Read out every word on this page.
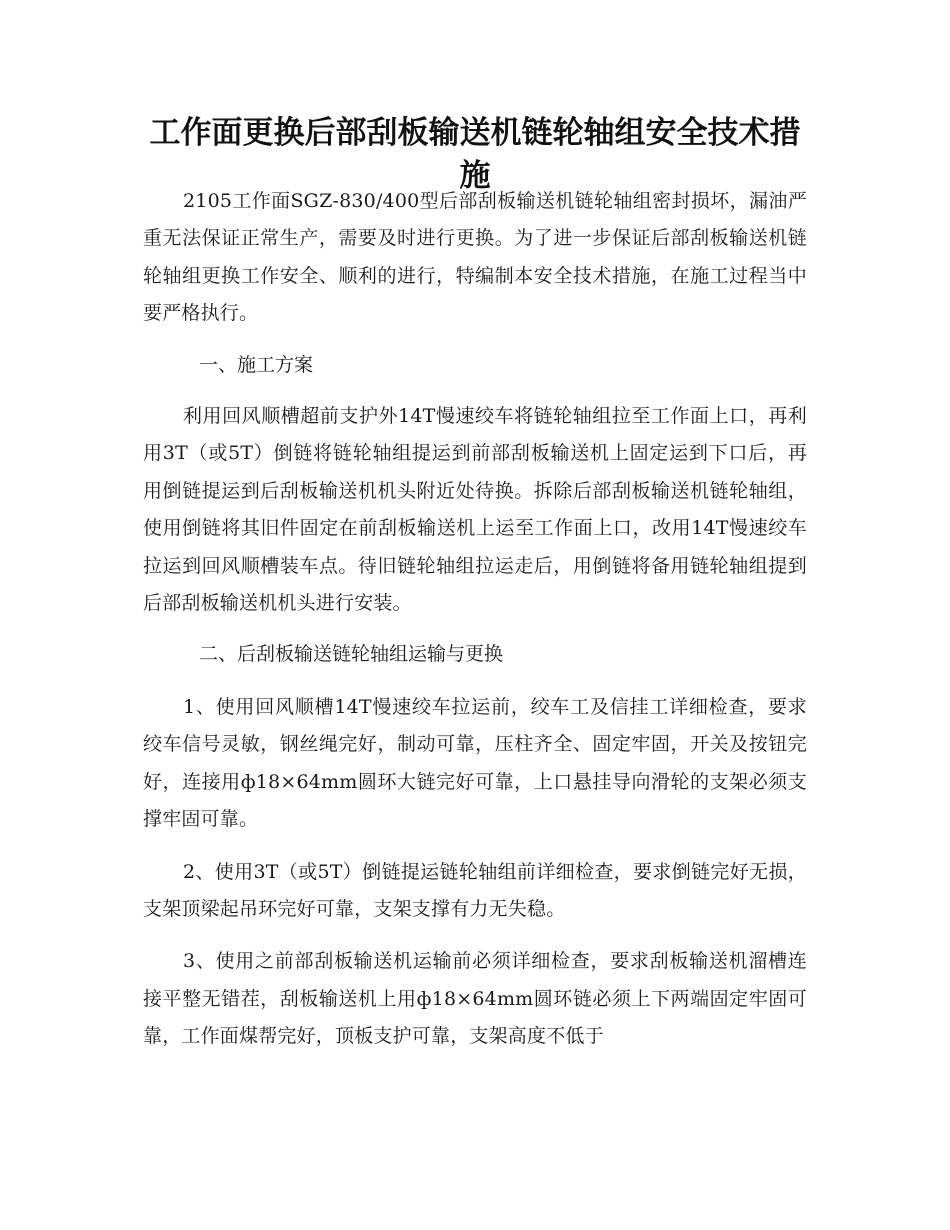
工作面更换后部刮板输送机链轮轴组安全技术措施

2105工作面SGZ-830/400型后部刮板输送机链轮轴组密封损坏，漏油严重无法保证正常生产，需要及时进行更换。为了进一步保证后部刮板输送机链轮轴组更换工作安全、顺利的进行，特编制本安全技术措施，在施工过程当中要严格执行。

一、施工方案

利用回风顺槽超前支护外14T慢速绞车将链轮轴组拉至工作面上口，再利用3T（或5T）倒链将链轮轴组提运到前部刮板输送机上固定运到下口后，再用倒链提运到后刮板输送机机头附近处待换。拆除后部刮板输送机链轮轴组，使用倒链将其旧件固定在前刮板输送机上运至工作面上口，改用14T慢速绞车拉运到回风顺槽装车点。待旧链轮轴组拉运走后，用倒链将备用链轮轴组提到后部刮板输送机机头进行安装。

二、后刮板输送链轮轴组运输与更换

1、使用回风顺槽14T慢速绞车拉运前，绞车工及信挂工详细检查，要求绞车信号灵敏，钢丝绳完好，制动可靠，压柱齐全、固定牢固，开关及按钮完好，连接用ф18×64mm圆环大链完好可靠，上口悬挂导向滑轮的支架必须支撑牢固可靠。

2、使用3T（或5T）倒链提运链轮轴组前详细检查，要求倒链完好无损，支架顶梁起吊环完好可靠，支架支撑有力无失稳。

3、使用之前部刮板输送机运输前必须详细检查，要求刮板输送机溜槽连接平整无错茬，刮板输送机上用ф18×64mm圆环链必须上下两端固定牢固可靠，工作面煤帮完好，顶板支护可靠，支架高度不低于
